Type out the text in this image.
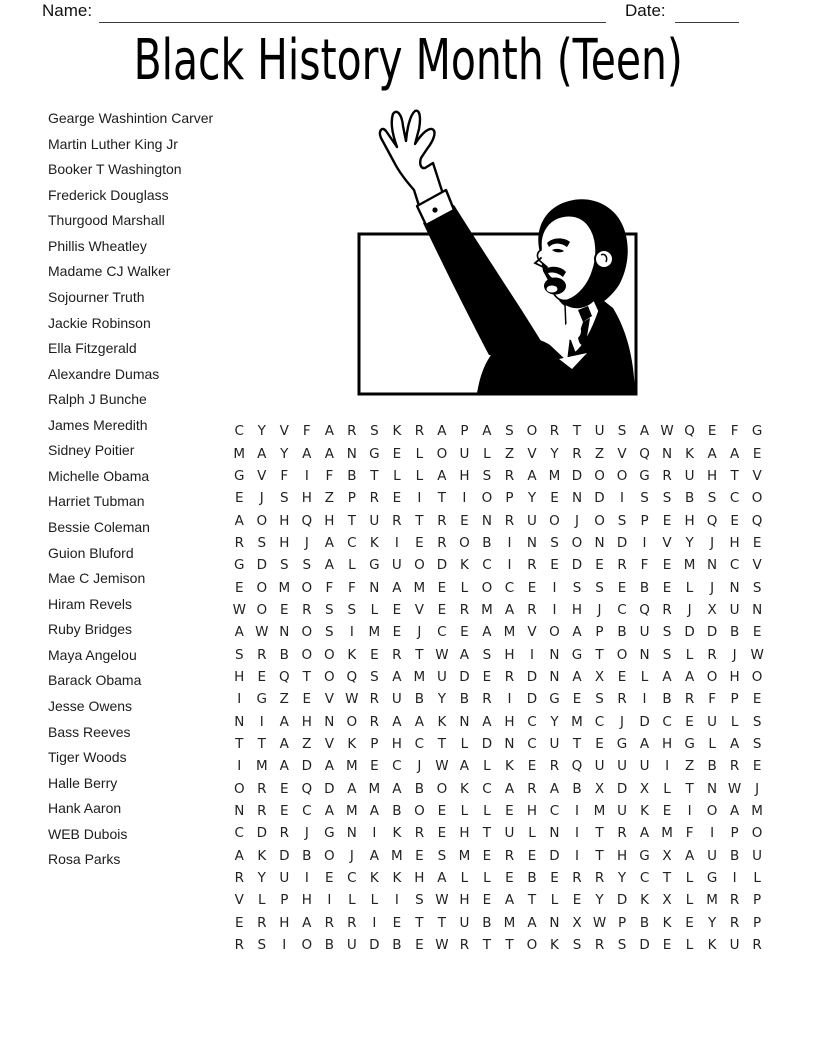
Name:	Date:
Black History Month (Teen)
Gearge Washintion Carver
Martin Luther King Jr
Booker T Washington
Frederick Douglass
Thurgood Marshall
Phillis Wheatley
Madame CJ Walker
Sojourner Truth
Jackie Robinson
Ella Fitzgerald
Alexandre Dumas
Ralph J Bunche
James Meredith
Sidney Poitier
Michelle Obama
Harriet Tubman
Bessie Coleman
Guion Bluford
Mae C Jemison
Hiram Revels
Ruby Bridges
Maya Angelou
Barack Obama
Jesse Owens
Bass Reeves
Tiger Woods
Halle Berry
Hank Aaron
WEB Dubois
Rosa Parks
C	Y	V	F	A R	S	K R A	P	A	S O R	T U S	A W Q E	F G
M A	Y	A A N G E	L O U	L	Z V	Y	R Z V Q N K A A	E
G V	F	I	F	B	T	L	L	A H S	R A M D O O G R U H T	V
E	J	S H Z	P	R	E	I	T	I	O P	Y	E N D	I	S	S	B	S	C O
A O H Q H T U R	T	R	E N R U O	J	O S	P	E H Q E Q
R	S H	J	A C K	I	E	R O B	I	N S O N D	I	V	Y	J	H E
G D S	S	A	L	G U O D K C	I	R	E D E	R	F	E M N C V
E O M O F	F	N A M E	L O C	E	I	S	S	E	B	E	L	J	N S
W O E	R	S	S	L	E	V	E	R M A R	I	H	J	C Q R	J	X U N
A W N O S	I	M E	J	C	E	A M V O A	P	B U S D D B	E
S	R B O O K	E	R	T W A	S H	I	N G T O N S	L	R	J	W
H E Q T O Q S	A M U D E	R D N A X	E	L	A A O H O
I	G Z	E	V W R U B	Y	B R	I	D G E	S	R	I	B R	F	P	E
N	I	A H N O R A A K N A H C	Y M C	J	D C	E U	L	S
T	T	A Z V K	P H C	T	L	D N C U T	E G A H G	L	A	S
I	M A D A M E	C	J	W A	L	K	E	R Q U U U	I	Z B R	E
O R	E Q D A M A B O K C A R A B X D X	L	T N W	J
N R	E	C A M A B O E	L	L	E H C	I	M U K	E	I	O A M
C D R	J	G N	I	K R	E H T U	L	N	I	T	R A M F	I	P O
A K D B O	J	A M E	S M E	R	E D	I	T H G X A U B U
R	Y U	I	E	C K	K H A	L	L	E	B	E	R R	Y	C	T	L	G	I	L
V	L	P H	I	L	L	I	S W H E	A	T	L	E	Y D K X	L M R	P
E	R H A R R	I	E	T	T U B M A N X W P	B K	E	Y	R	P
R	S	I	O B U D B	E W R	T	T O K	S	R	S D E	L	K U R
